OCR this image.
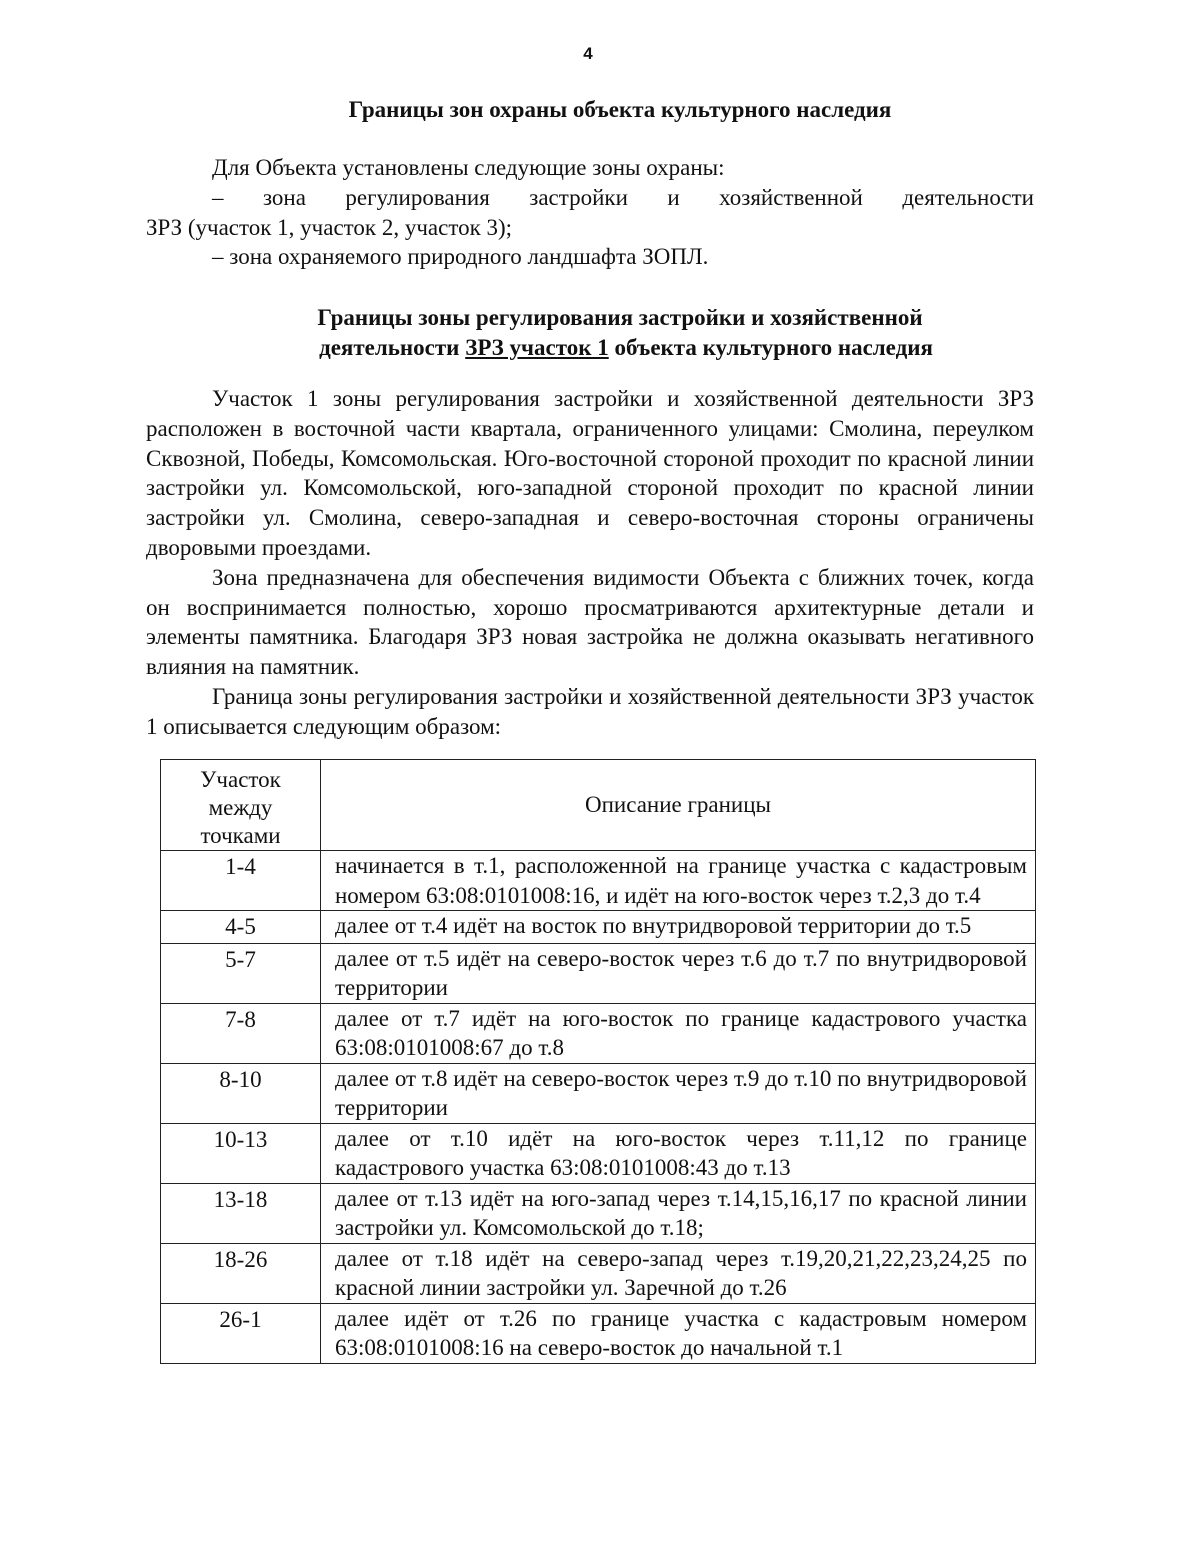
4
Границы зон охраны объекта культурного наследия

Для Объекта установлены следующие зоны охраны:

– зона регулирования застройки и хозяйственной деятельности

ЗРЗ (участок 1, участок 2, участок 3);

– зона охраняемого природного ландшафта ЗОПЛ.

Границы зоны регулирования застройки и хозяйственной
деятельности ЗРЗ участок 1 объекта культурного наследия

Участок 1 зоны регулирования застройки и хозяйственной деятельности ЗРЗ расположен в восточной части квартала, ограниченного улицами: Смолина, переулком Сквозной, Победы, Комсомольская. Юго-восточной стороной проходит по красной линии застройки ул. Комсомольской, юго-западной стороной проходит по красной линии застройки ул. Смолина, северо-западная и северо-восточная стороны ограничены дворовыми проездами.

Зона предназначена для обеспечения видимости Объекта с ближних точек, когда он воспринимается полностью, хорошо просматриваются архитектурные детали и элементы памятника. Благодаря ЗРЗ новая застройка не должна оказывать негативного влияния на памятник.

Граница зоны регулирования застройки и хозяйственной деятельности ЗРЗ участок 1 описывается следующим образом:

Участок
между
точками	Описание границы
1-4	начинается в т.1, расположенной на границе участка с кадастровым номером 63:08:0101008:16, и идёт на юго-восток через т.2,3 до т.4
4-5	далее от т.4 идёт на восток по внутридворовой территории до т.5
5-7	далее от т.5 идёт на северо-восток через т.6 до т.7 по внутридворовой территории
7-8	далее от т.7 идёт на юго-восток по границе кадастрового участка 63:08:0101008:67 до т.8
8-10	далее от т.8 идёт на северо-восток через т.9 до т.10 по внутридворовой территории
10-13	далее от т.10 идёт на юго-восток через т.11,12 по границе кадастрового участка 63:08:0101008:43 до т.13
13-18	далее от т.13 идёт на юго-запад через т.14,15,16,17 по красной линии застройки ул. Комсомольской до т.18;
18-26	далее от т.18 идёт на северо-запад через т.19,20,21,22,23,24,25 по красной линии застройки ул. Заречной до т.26
26-1	далее идёт от т.26 по границе участка с кадастровым номером 63:08:0101008:16 на северо-восток до начальной т.1
